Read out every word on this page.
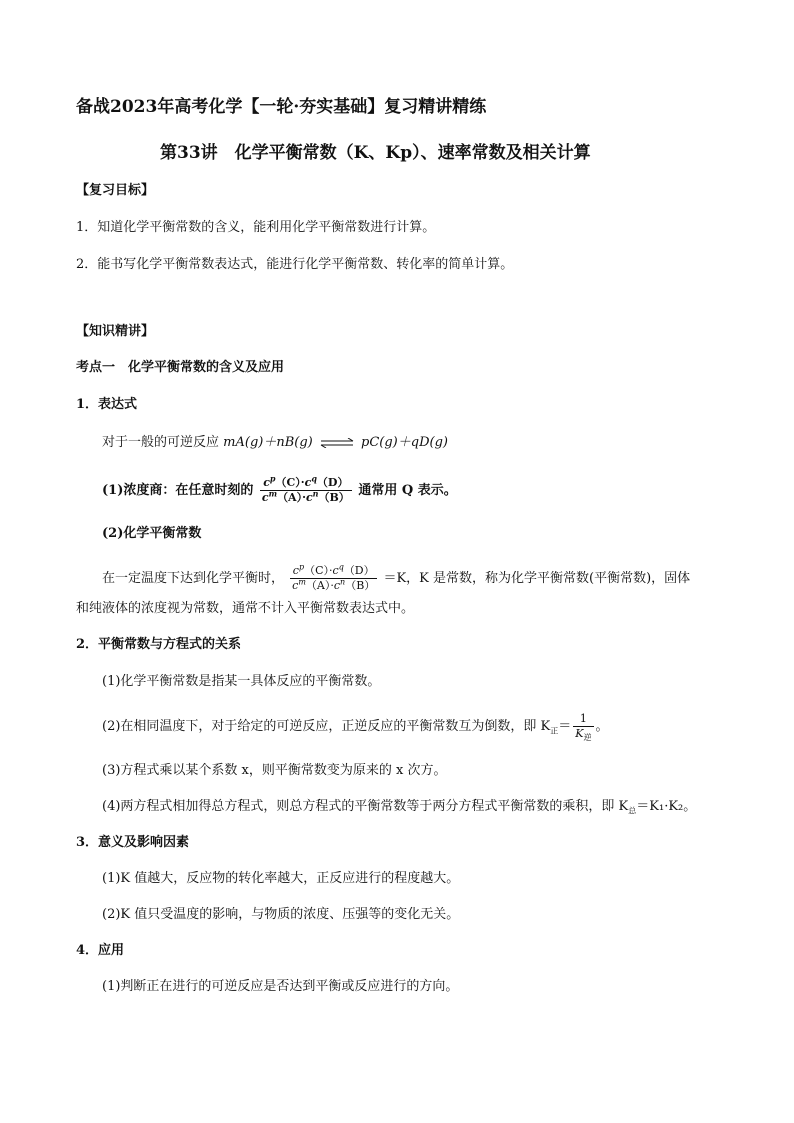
备战2023年高考化学【一轮·夯实基础】复习精讲精练
第33讲　化学平衡常数（K、Kp）、速率常数及相关计算
【复习目标】
1．知道化学平衡常数的含义，能利用化学平衡常数进行计算。
2．能书写化学平衡常数表达式，能进行化学平衡常数、转化率的简单计算。
【知识精讲】
考点一　化学平衡常数的含义及应用
1．表达式
对于一般的可逆反应 mA(g)＋nB(g) ⇌ pC(g)＋qD(g)
(1)浓度商：在任意时刻的 $\frac{c^p(C)\cdot c^q(D)}{c^m(A)\cdot c^n(B)}$ 通常用 Q 表示。
(2)化学平衡常数
在一定温度下达到化学平衡时， $\frac{c^p(C)\cdot c^q(D)}{c^m(A)\cdot c^n(B)} =K$，K 是常数，称为化学平衡常数(平衡常数)，固体
和纯液体的浓度视为常数，通常不计入平衡常数表达式中。
2．平衡常数与方程式的关系
(1)化学平衡常数是指某一具体反应的平衡常数。
(2)在相同温度下，对于给定的可逆反应，正逆反应的平衡常数互为倒数，即 $K_正= \frac{1}{K_逆}$ 。
(3)方程式乘以某个系数 x，则平衡常数变为原来的 x 次方。
(4)两方程式相加得总方程式，则总方程式的平衡常数等于两分方程式平衡常数的乘积，即 $K_总=K_1\cdot K_2$。
3．意义及影响因素
(1)K 值越大，反应物的转化率越大，正反应进行的程度越大。
(2)K 值只受温度的影响，与物质的浓度、压强等的变化无关。
4．应用
(1)判断正在进行的可逆反应是否达到平衡或反应进行的方向。
